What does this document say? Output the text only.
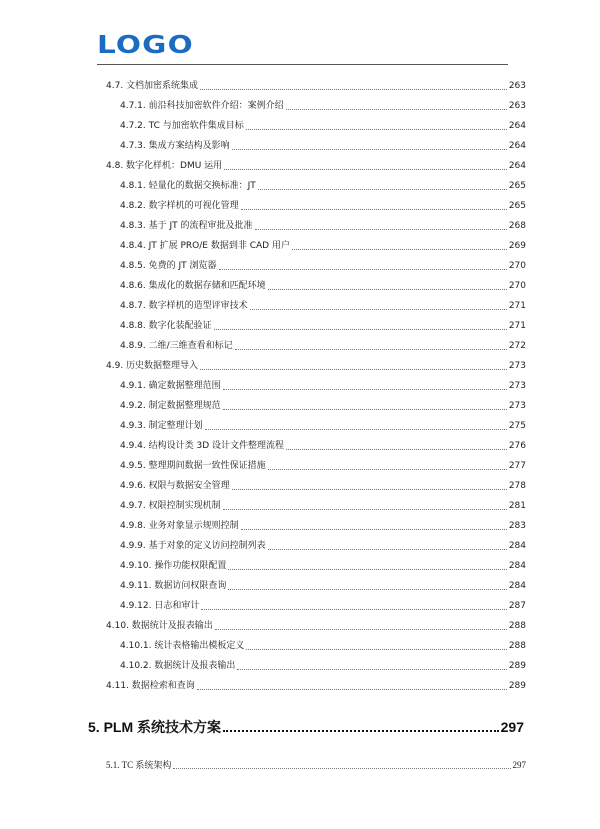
LOGO
4.7. 文档加密系统集成	263
4.7.1. 前沿科技加密软件介绍：案例介绍	263
4.7.2. TC 与加密软件集成目标	264
4.7.3. 集成方案结构及影响	264
4.8. 数字化样机：DMU 运用	264
4.8.1. 轻量化的数据交换标准：JT	265
4.8.2. 数字样机的可视化管理	265
4.8.3. 基于 JT 的流程审批及批准	268
4.8.4. JT 扩展 PRO/E 数据到非 CAD 用户	269
4.8.5. 免费的 JT 浏览器	270
4.8.6. 集成化的数据存储和匹配环境	270
4.8.7. 数字样机的造型评审技术	271
4.8.8. 数字化装配验证	271
4.8.9. 二维/三维查看和标记	272
4.9. 历史数据整理导入	273
4.9.1. 确定数据整理范围	273
4.9.2. 制定数据整理规范	273
4.9.3. 制定整理计划	275
4.9.4. 结构设计类 3D 设计文件整理流程	276
4.9.5. 整理期间数据一致性保证措施	277
4.9.6. 权限与数据安全管理	278
4.9.7. 权限控制实现机制	281
4.9.8. 业务对象显示规则控制	283
4.9.9. 基于对象的定义访问控制列表	284
4.9.10. 操作功能权限配置	284
4.9.11. 数据访问权限查询	284
4.9.12. 日志和审计	287
4.10. 数据统计及报表输出	288
4.10.1. 统计表格输出模板定义	288
4.10.2. 数据统计及报表输出	289
4.11. 数据检索和查询	289
5. PLM 系统技术方案	297
5.1. TC 系统架构	297
